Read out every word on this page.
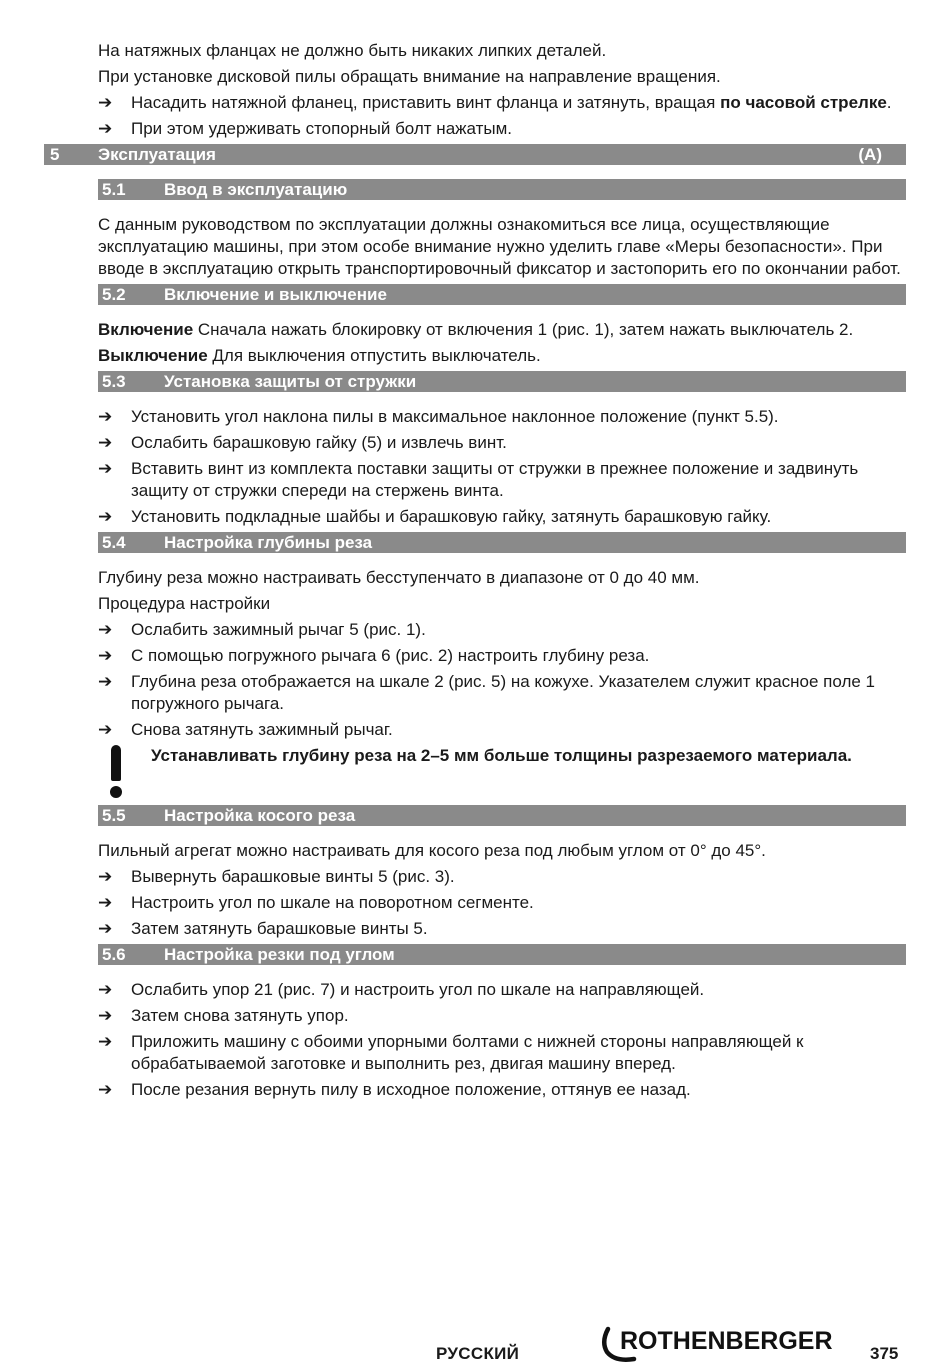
На натяжных фланцах не должно быть никаких липких деталей.

При установке дисковой пилы обращать внимание на направление вращения.

➔	Насадить натяжной фланец, приставить винт фланца и затянуть, вращая по часовой стрелке.
➔	При этом удерживать стопорный болт нажатым.
5	Эксплуатация	(A)
5.1	Ввод в эксплуатацию

С данным руководством по эксплуатации должны ознакомиться все лица, осуществляющие эксплуатацию машины, при этом особе внимание нужно уделить главе «Меры безопасности». При вводе в эксплуатацию открыть транспортировочный фиксатор и застопорить его по окончании работ.

5.2	Включение и выключение

Включение Сначала нажать блокировку от включения 1 (рис. 1), затем нажать выключатель 2.

Выключение Для выключения отпустить выключатель.

5.3	Установка защиты от стружки
➔	Установить угол наклона пилы в максимальное наклонное положение (пункт 5.5).
➔	Ослабить барашковую гайку (5) и извлечь винт.
➔	Вставить винт из комплекта поставки защиты от стружки в прежнее положение и задвинуть защиту от стружки спереди на стержень винта.
➔	Установить подкладные шайбы и барашковую гайку, затянуть барашковую гайку.
5.4	Настройка глубины реза

Глубину реза можно настраивать бесступенчато в диапазоне от 0 до 40 мм.

Процедура настройки

➔	Ослабить зажимный рычаг 5 (рис. 1).
➔	С помощью погружного рычага 6 (рис. 2) настроить глубину реза.
➔	Глубина реза отображается на шкале 2 (рис. 5) на кожухе. Указателем служит красное поле 1 погружного рычага.
➔	Снова затянуть зажимный рычаг.
Устанавливать глубину реза на 2–5 мм больше толщины разрезаемого материала.
5.5	Настройка косого реза

Пильный агрегат можно настраивать для косого реза под любым углом от 0° до 45°.

➔	Вывернуть барашковые винты 5 (рис. 3).
➔	Настроить угол по шкале на поворотном сегменте.
➔	Затем затянуть барашковые винты 5.
5.6	Настройка резки под углом
➔	Ослабить упор 21 (рис. 7) и настроить угол по шкале на направляющей.
➔	Затем снова затянуть упор.
➔	Приложить машину с обоими упорными болтами с нижней стороны направляющей к обрабатываемой заготовке и выполнить рез, двигая машину вперед.
➔	После резания вернуть пилу в исходное положение, оттянув ее назад.
РУССКИЙ	ROTHENBERGER 375
